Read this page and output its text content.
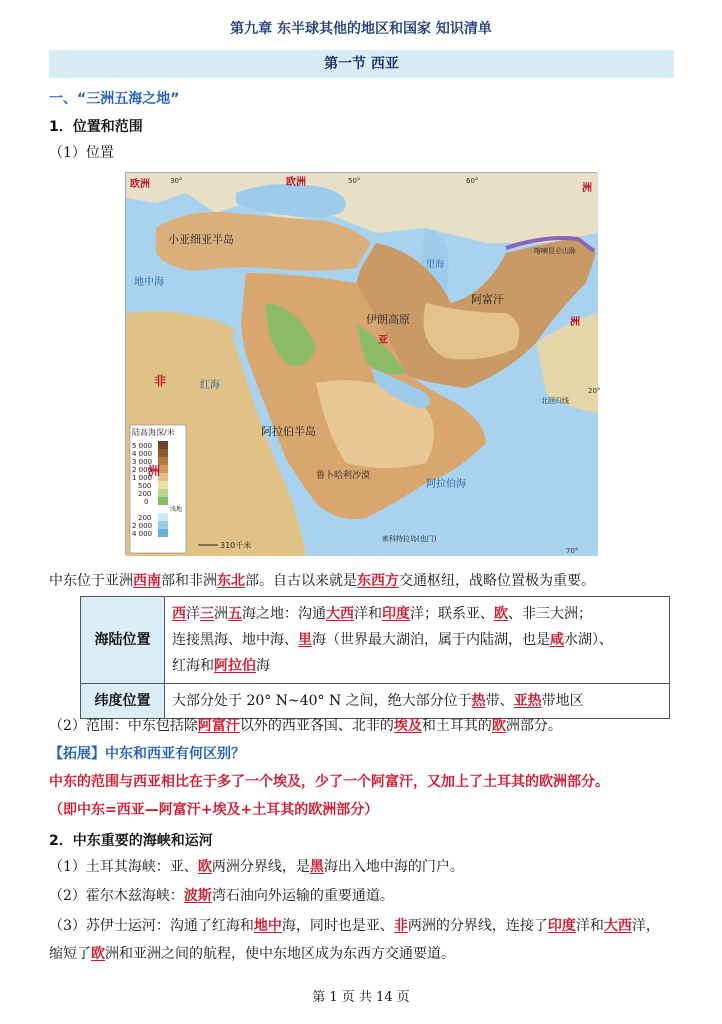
第九章 东半球其他的地区和国家 知识清单
第一节 西亚
一、“三洲五海之地”
1．位置和范围
（1）位置
陆高海深/米
5 000
4 000
3 000
2 000
1 000
500
200
0
浅地
200
2 000
4 000
310千米
欧洲	欧洲
洲
洲
亚
非
洲
小亚细亚半岛
地中海
里海
伊朗高原
阿富汗
阿拉伯半岛
阿拉伯海
红海
鲁卜哈利沙漠
索科特拉岛(也门)
北回归线
喀喇昆仑山脉
30°	50°	60°
70°
20°
中东位于亚洲西南部和非洲东北部。自古以来就是东西方交通枢纽，战略位置极为重要。
海陆位置	西洋三洲五海之地：沟通大西洋和印度洋；联系亚、欧、非三大洲；
连接黑海、地中海、里海（世界最大湖泊，属于内陆湖，也是咸水湖）、
红海和阿拉伯海

纬度位置	大部分处于 20° N~40° N 之间，绝大部分位于热带、亚热带地区
（2）范围：中东包括除阿富汗以外的西亚各国、北非的埃及和土耳其的欧洲部分。
【拓展】中东和西亚有何区别？
中东的范围与西亚相比在于多了一个埃及，少了一个阿富汗，又加上了土耳其的欧洲部分。
（即中东=西亚—阿富汗+埃及+土耳其的欧洲部分）
2．中东重要的海峡和运河
（1）土耳其海峡：亚、欧两洲分界线，是黑海出入地中海的门户。
（2）霍尔木兹海峡：波斯湾石油向外运输的重要通道。
（3）苏伊士运河：沟通了红海和地中海，同时也是亚、非两洲的分界线，连接了印度洋和大西洋，
缩短了欧洲和亚洲之间的航程，使中东地区成为东西方交通要道。
第 1 页 共 14 页
